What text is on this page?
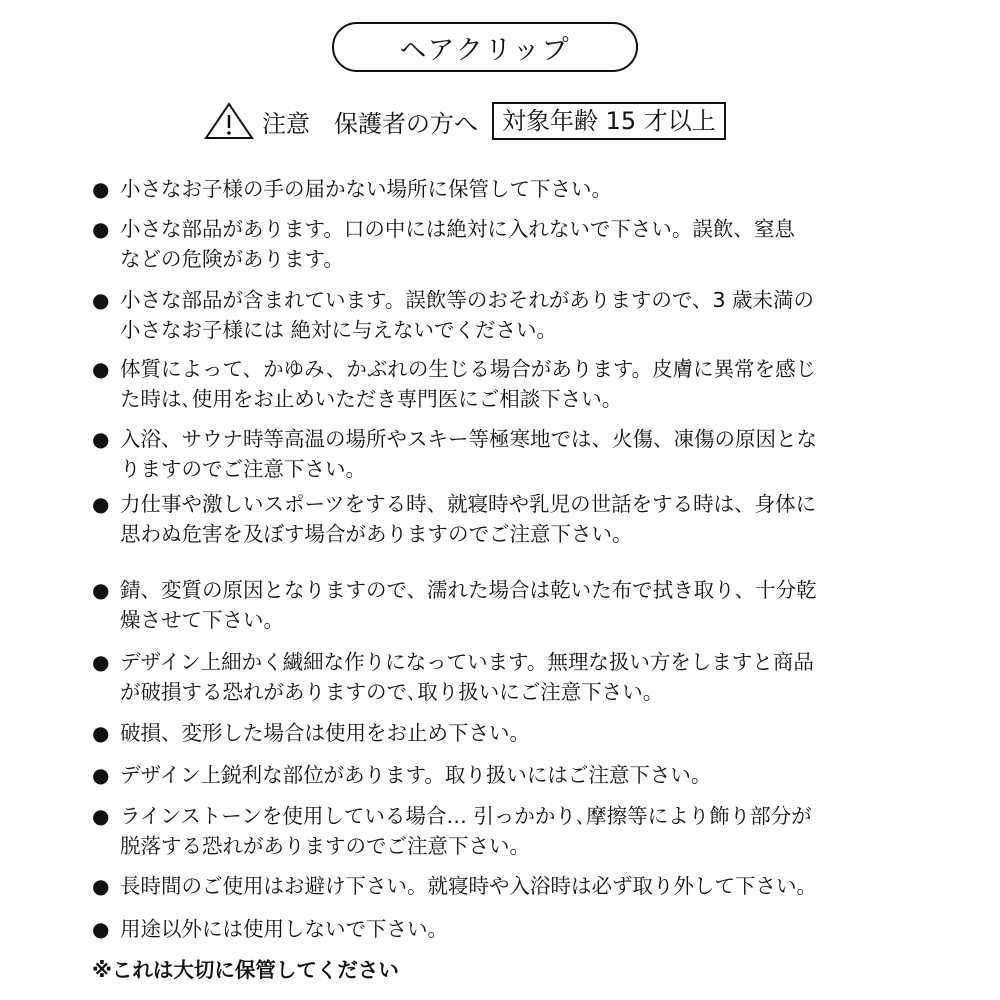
ヘアクリップ
注意 保護者の方へ	対象年齢 15 才以上
● 小さなお子様の手の届かない場所に保管して下さい。
● 小さな部品があります。口の中には絶対に入れないで下さい。誤飲、窒息
などの危険があります。
● 小さな部品が含まれています。誤飲等のおそれがありますので、3 歳未満の
小さなお子様には 絶対に与えないでください。
● 体質によって、かゆみ、かぶれの生じる場合があります。皮膚に異常を感じ
た時は､使用をお止めいただき専門医にご相談下さい。
● 入浴、サウナ時等高温の場所やスキー等極寒地では、火傷、凍傷の原因とな
りますのでご注意下さい。
● 力仕事や激しいスポーツをする時、就寝時や乳児の世話をする時は、身体に
思わぬ危害を及ぼす場合がありますのでご注意下さい。
● 錆、変質の原因となりますので、濡れた場合は乾いた布で拭き取り、十分乾
燥させて下さい。
● デザイン上細かく繊細な作りになっています。無理な扱い方をしますと商品
が破損する恐れがありますので､取り扱いにご注意下さい。
● 破損、変形した場合は使用をお止め下さい。
● デザイン上鋭利な部位があります。取り扱いにはご注意下さい。
● ラインストーンを使用している場合… 引っかかり､摩擦等により飾り部分が
脱落する恐れがありますのでご注意下さい。
● 長時間のご使用はお避け下さい。就寝時や入浴時は必ず取り外して下さい。
● 用途以外には使用しないで下さい。
※これは大切に保管してください
